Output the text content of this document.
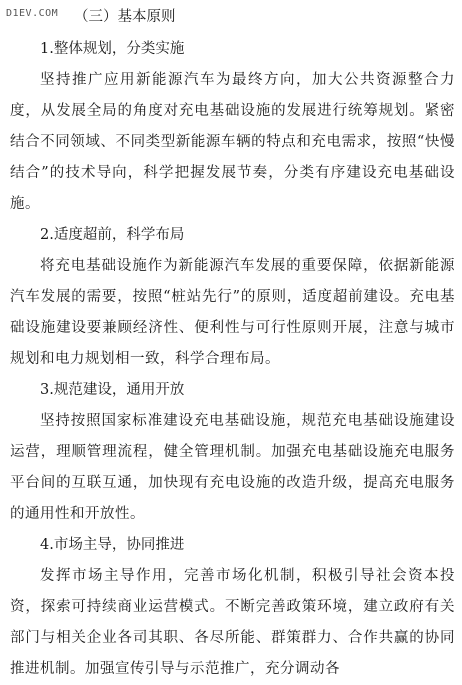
D1EV.COM （三）基本原则

1.整体规划，分类实施

坚持推广应用新能源汽车为最终方向，加大公共资源整合力度，从发展全局的角度对充电基础设施的发展进行统筹规划。紧密结合不同领域、不同类型新能源车辆的特点和充电需求，按照“快慢结合”的技术导向，科学把握发展节奏，分类有序建设充电基础设施。

2.适度超前，科学布局

将充电基础设施作为新能源汽车发展的重要保障，依据新能源汽车发展的需要，按照“桩站先行”的原则，适度超前建设。充电基础设施建设要兼顾经济性、便利性与可行性原则开展，注意与城市规划和电力规划相一致，科学合理布局。

3.规范建设，通用开放

坚持按照国家标准建设充电基础设施，规范充电基础设施建设运营，理顺管理流程，健全管理机制。加强充电基础设施充电服务平台间的互联互通，加快现有充电设施的改造升级，提高充电服务的通用性和开放性。

4.市场主导，协同推进

发挥市场主导作用，完善市场化机制，积极引导社会资本投资，探索可持续商业运营模式。不断完善政策环境，建立政府有关部门与相关企业各司其职、各尽所能、群策群力、合作共赢的协同推进机制。加强宣传引导与示范推广，充分调动各
